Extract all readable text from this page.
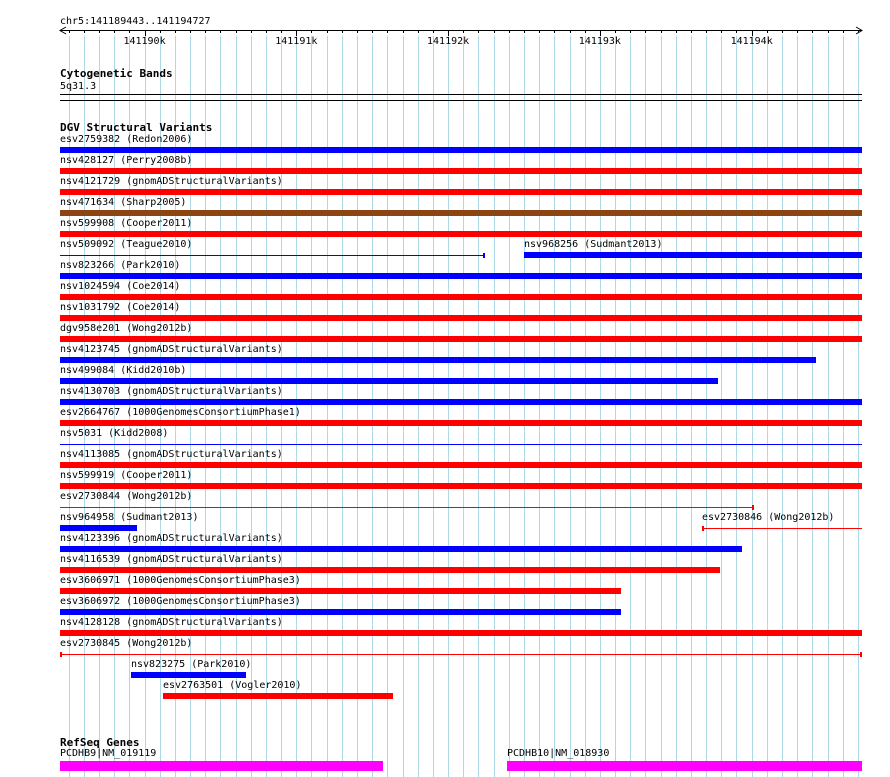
chr5:141189443..141194727
141190k	141191k	141192k	141193k	141194k
Cytogenetic Bands
5q31.3
DGV Structural Variants
esv2759382 (Redon2006)
nsv428127 (Perry2008b)
nsv4121729 (gnomADStructuralVariants)
nsv471634 (Sharp2005)
nsv599908 (Cooper2011)
nsv509092 (Teague2010)	nsv968256 (Sudmant2013)
nsv823266 (Park2010)
nsv1024594 (Coe2014)
nsv1031792 (Coe2014)
dgv958e201 (Wong2012b)
nsv4123745 (gnomADStructuralVariants)
nsv499084 (Kidd2010b)
nsv4130703 (gnomADStructuralVariants)
esv2664767 (1000GenomesConsortiumPhase1)
nsv5031 (Kidd2008)
nsv4113085 (gnomADStructuralVariants)
nsv599919 (Cooper2011)
esv2730844 (Wong2012b)
nsv964958 (Sudmant2013)	esv2730846 (Wong2012b)
nsv4123396 (gnomADStructuralVariants)
nsv4116539 (gnomADStructuralVariants)
esv3606971 (1000GenomesConsortiumPhase3)
esv3606972 (1000GenomesConsortiumPhase3)
nsv4128128 (gnomADStructuralVariants)
esv2730845 (Wong2012b)
nsv823275 (Park2010)
esv2763501 (Vogler2010)
RefSeq Genes
PCDHB9|NM_019119	PCDHB10|NM_018930
